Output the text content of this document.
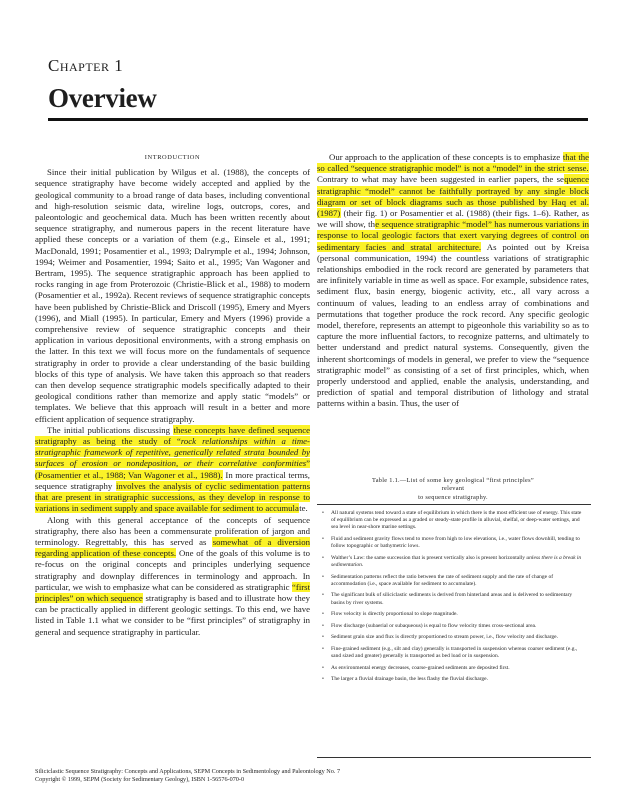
Chapter 1
Overview
INTRODUCTION

Since their initial publication by Wilgus et al. (1988), the concepts of sequence stratigraphy have become widely accepted and applied by the geological community to a broad range of data bases, including conventional and high-resolution seismic data, wireline logs, outcrops, cores, and paleontologic and geochemical data. Much has been written recently about sequence stratigraphy, and numerous papers in the recent literature have applied these concepts or a variation of them (e.g., Einsele et al., 1991; MacDonald, 1991; Posamentier et al., 1993; Dalrymple et al., 1994; Johnson, 1994; Weimer and Posamentier, 1994; Saito et al., 1995; Van Wagoner and Bertram, 1995). The sequence stratigraphic approach has been applied to rocks ranging in age from Proterozoic (Christie-Blick et al., 1988) to modern (Posamentier et al., 1992a). Recent reviews of sequence stratigraphic concepts have been published by Christie-Blick and Driscoll (1995), Emery and Myers (1996), and Miall (1995). In particular, Emery and Myers (1996) provide a comprehensive review of sequence stratigraphic concepts and their application in various depositional environments, with a strong emphasis on the latter. In this text we will focus more on the fundamentals of sequence stratigraphy in order to provide a clear understanding of the basic building blocks of this type of analysis. We have taken this approach so that readers can then develop sequence stratigraphic models specifically adapted to their geological conditions rather than memorize and apply static “models” or templates. We believe that this approach will result in a better and more efficient application of sequence stratigraphy.

The initial publications discussing these concepts have defined sequence stratigraphy as being the study of “rock relationships within a time-stratigraphic framework of repetitive, genetically related strata bounded by surfaces of erosion or nondeposition, or their correlative conformities” (Posamentier et al., 1988; Van Wagoner et al., 1988). In more practical terms, sequence stratigraphy involves the analysis of cyclic sedimentation patterns that are present in stratigraphic successions, as they develop in response to variations in sediment supply and space available for sediment to accumulate.

Along with this general acceptance of the concepts of sequence stratigraphy, there also has been a commensurate proliferation of jargon and terminology. Regrettably, this has served as somewhat of a diversion regarding application of these concepts. One of the goals of this volume is to re-focus on the original concepts and principles underlying sequence stratigraphy and downplay differences in terminology and approach. In particular, we wish to emphasize what can be considered as stratigraphic “first principles” on which sequence stratigraphy is based and to illustrate how they can be practically applied in different geologic settings. To this end, we have listed in Table 1.1 what we consider to be “first principles” of stratigraphy in general and sequence stratigraphy in particular.

Our approach to the application of these concepts is to emphasize that the so called “sequence stratigraphic model” is not a “model” in the strict sense. Contrary to what may have been suggested in earlier papers, the sequence stratigraphic “model” cannot be faithfully portrayed by any single block diagram or set of block diagrams such as those published by Haq et al. (1987) (their fig. 1) or Posamentier et al. (1988) (their figs. 1–6). Rather, as we will show, the sequence stratigraphic “model” has numerous variations in response to local geologic factors that exert varying degrees of control on sedimentary facies and stratal architecture. As pointed out by Kreisa (personal communication, 1994) the countless variations of stratigraphic relationships embodied in the rock record are generated by parameters that are infinitely variable in time as well as space. For example, subsidence rates, sediment flux, basin energy, biogenic activity, etc., all vary across a continuum of values, leading to an endless array of combinations and permutations that together produce the rock record. Any specific geologic model, therefore, represents an attempt to pigeonhole this variability so as to capture the more influential factors, to recognize patterns, and ultimately to better understand and predict natural systems. Consequently, given the inherent shortcomings of models in general, we prefer to view the “sequence stratigraphic model” as consisting of a set of first principles, which, when properly understood and applied, enable the analysis, understanding, and prediction of spatial and temporal distribution of lithology and stratal patterns within a basin. Thus, the user of

Table 1.1.—List of some key geological “first principles”
relevant
to sequence stratigraphy.
• All natural systems tend toward a state of equilibrium in which there is the most efficient use of energy. This state of equilibrium can be expressed as a graded or steady-state profile in alluvial, shelfal, or deep-water settings, and sea level in near-shore marine settings.
• Fluid and sediment gravity flows tend to move from high to low elevations, i.e., water flows downhill, tending to follow topographic or bathymetric lows.
• Walther’s Law: the same succession that is present vertically also is present horizontally unless there is a break in sedimentation.
• Sedimentation patterns reflect the ratio between the rate of sediment supply and the rate of change of accommodation (i.e., space available for sediment to accumulate).
• The significant bulk of siliciclastic sediments is derived from hinterland areas and is delivered to sedimentary basins by river systems.
• Flow velocity is directly proportional to slope magnitude.
• Flow discharge (subaerial or subaqueous) is equal to flow velocity times cross-sectional area.
• Sediment grain size and flux is directly proportioned to stream power, i.e., flow velocity and discharge.
• Fine-grained sediment (e.g., silt and clay) generally is transported in suspension whereas coarser sediment (e.g., sand sized and greater) generally is transported as bed load or in suspension.
• As environmental energy decreases, coarse-grained sediments are deposited first.
• The larger a fluvial drainage basin, the less flashy the fluvial discharge.
Siliciclastic Sequence Stratigraphy: Concepts and Applications, SEPM Concepts in Sedimentology and Paleontology No. 7
Copyright © 1999, SEPM (Society for Sedimentary Geology), ISBN 1-56576-070-0
